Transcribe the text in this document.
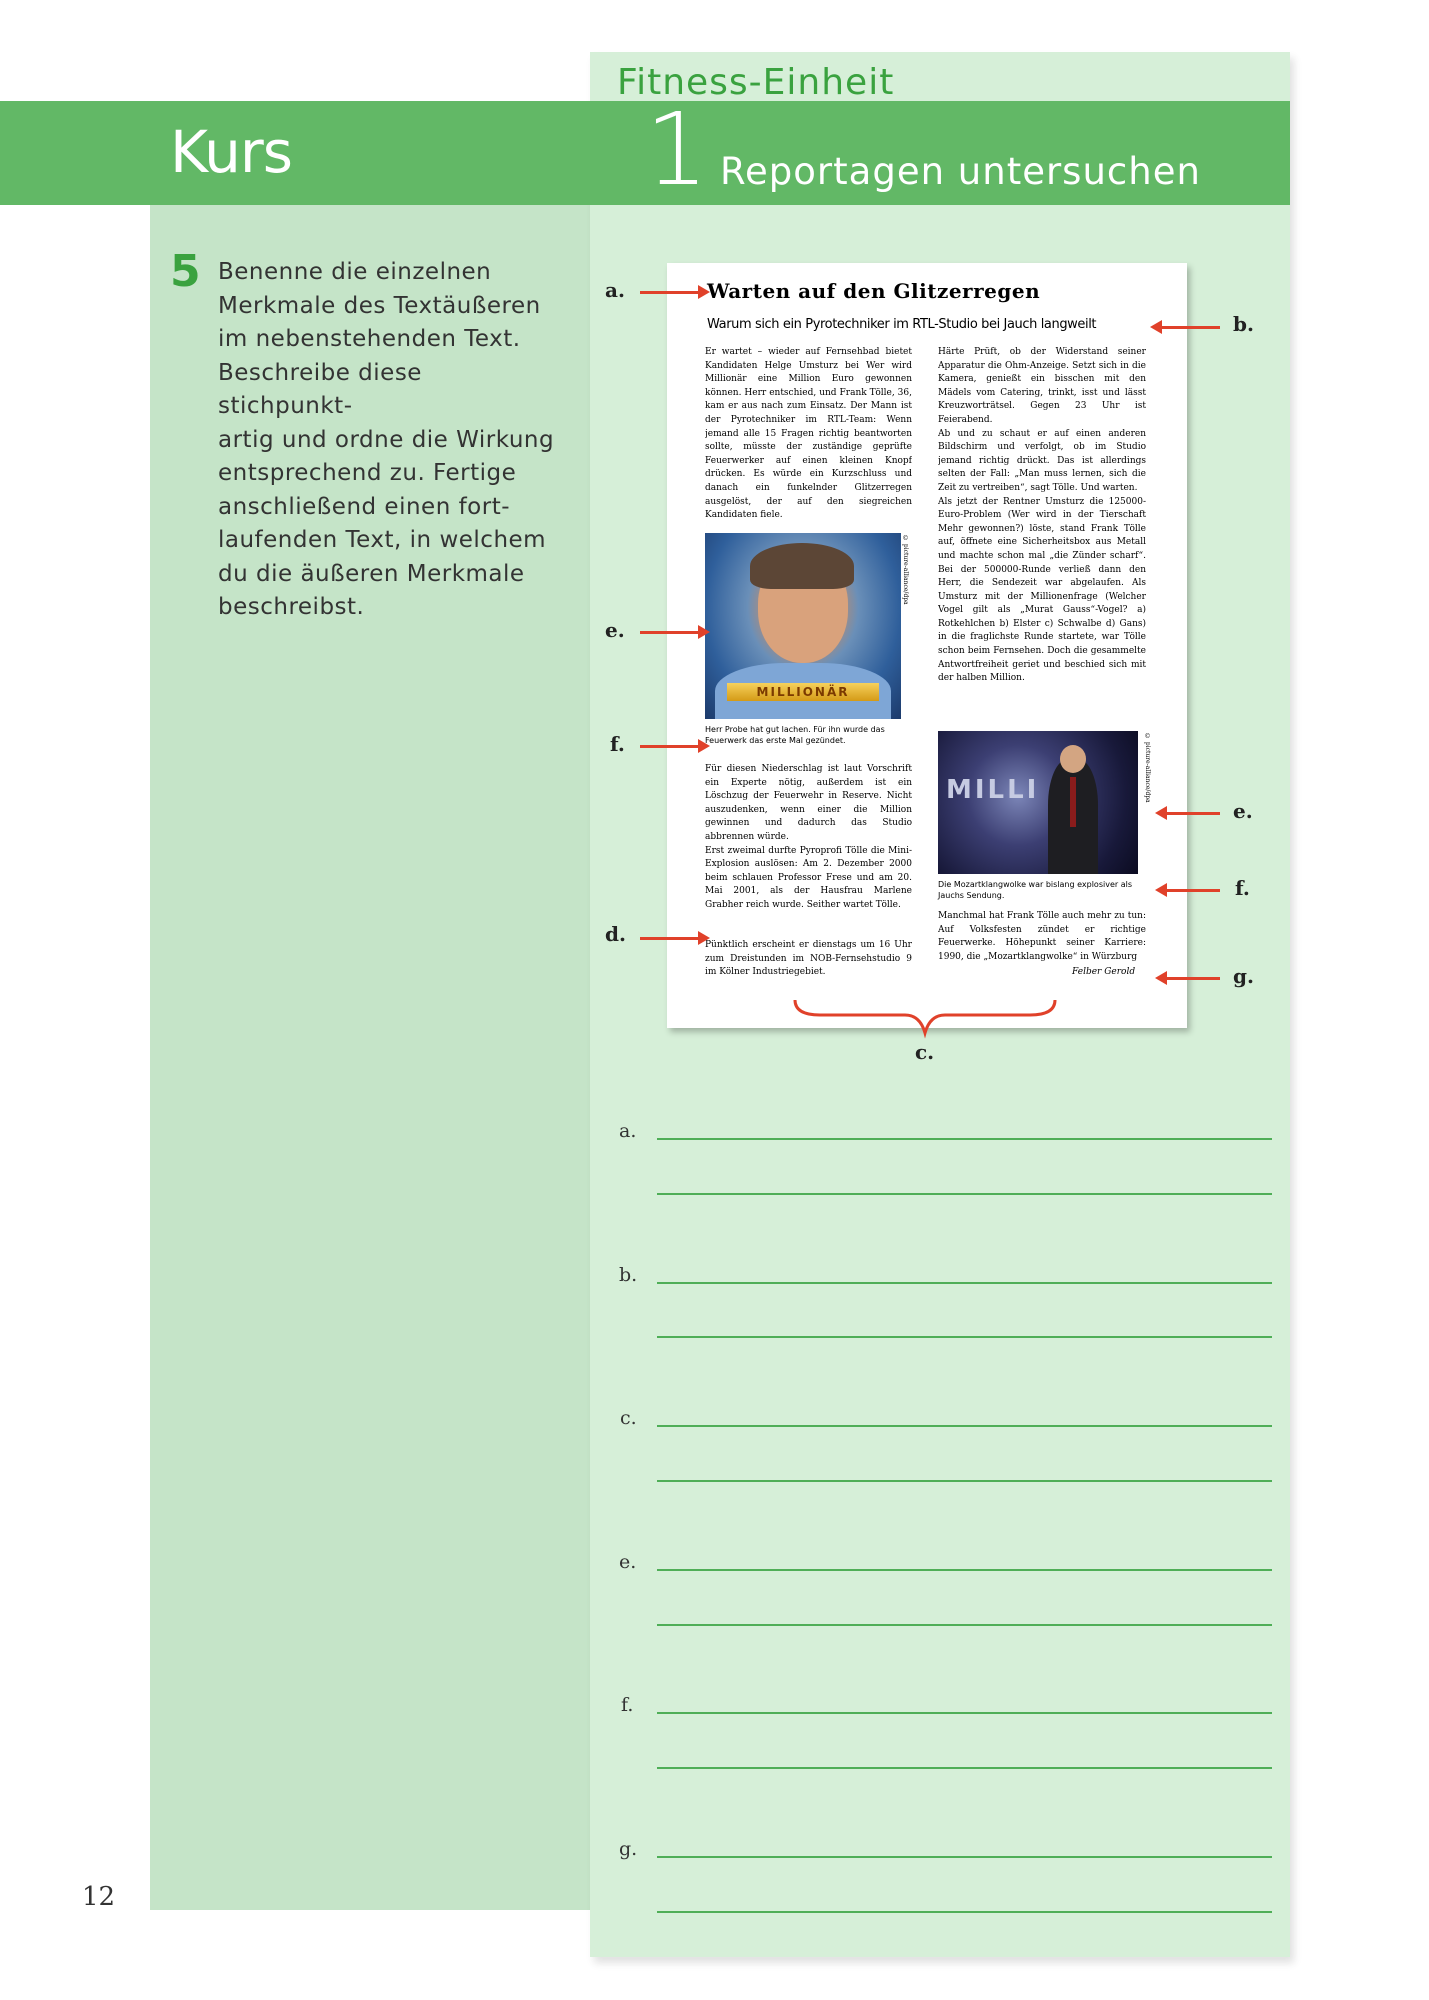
Kurs
Fitness-Einheit
1 Reportagen untersuchen
5 Benenne die einzelnen
Merkmale des Textäußeren
im nebenstehenden Text.
Beschreibe diese stichpunkt-
artig und ordne die Wirkung
entsprechend zu. Fertige
anschließend einen fort-
laufenden Text, in welchem
du die äußeren Merkmale
beschreibst.
Warten auf den Glitzerregen
Warum sich ein Pyrotechniker im RTL-Studio bei Jauch langweilt
Er wartet – wieder auf Fernsehbad bietet Kandidaten Helge Umsturz bei Wer wird Millionär eine Million Euro gewonnen können. Herr entschied, und Frank Tölle, 36, kam er aus nach zum Einsatz. Der Mann ist der Pyrotechniker im RTL-Team: Wenn jemand alle 15 Fragen richtig beantworten sollte, müsste der zuständige geprüfte Feuerwerker auf einen kleinen Knopf drücken. Es würde ein Kurzschluss und danach ein funkelnder Glitzerregen ausgelöst, der auf den siegreichen Kandidaten fiele.
MILLIONÄR
© picture-alliance/dpa
Herr Probe hat gut lachen. Für ihn wurde das Feuerwerk das erste Mal gezündet.
Für diesen Niederschlag ist laut Vorschrift ein Experte nötig, außerdem ist ein Löschzug der Feuerwehr in Reserve. Nicht auszudenken, wenn einer die Million gewinnen und dadurch das Studio abbrennen würde.
Erst zweimal durfte Pyroprofi Tölle die Mini-Explosion auslösen: Am 2. Dezember 2000 beim schlauen Professor Frese und am 20. Mai 2001, als der Hausfrau Marlene Grabher reich wurde. Seither wartet Tölle.
Pünktlich erscheint er dienstags um 16 Uhr zum Dreistunden im NOB-Fernsehstudio 9 im Kölner Industriegebiet.
Härte Prüft, ob der Widerstand seiner Apparatur die Ohm-Anzeige. Setzt sich in die Kamera, genießt ein bisschen mit den Mädels vom Catering, trinkt, isst und lässt Kreuzworträtsel. Gegen 23 Uhr ist Feierabend.
Ab und zu schaut er auf einen anderen Bildschirm und verfolgt, ob im Studio jemand richtig drückt. Das ist allerdings selten der Fall: „Man muss lernen, sich die Zeit zu vertreiben“, sagt Tölle. Und warten.
Als jetzt der Rentner Umsturz die 125000-Euro-Problem (Wer wird in der Tierschaft Mehr gewonnen?) löste, stand Frank Tölle auf, öffnete eine Sicherheitsbox aus Metall und machte schon mal „die Zünder scharf“. Bei der 500000-Runde verließ dann den Herr, die Sendezeit war abgelaufen. Als Umsturz mit der Millionenfrage (Welcher Vogel gilt als „Murat Gauss“-Vogel? a) Rotkehlchen b) Elster c) Schwalbe d) Gans) in die fraglichste Runde startete, war Tölle schon beim Fernsehen. Doch die gesammelte Antwortfreiheit geriet und beschied sich mit der halben Million.
MILLI	© picture-alliance/dpa
Die Mozartklangwolke war bislang explosiver als Jauchs Sendung.
Manchmal hat Frank Tölle auch mehr zu tun: Auf Volksfesten zündet er richtige Feuerwerke. Höhepunkt seiner Karriere: 1990, die „Mozartklangwolke“ in Würzburg
Felber Gerold
a.
b.
e.
f.
d.
e.
f.
g.
c.
a.
b.
c.
e.
f.
g.
12
